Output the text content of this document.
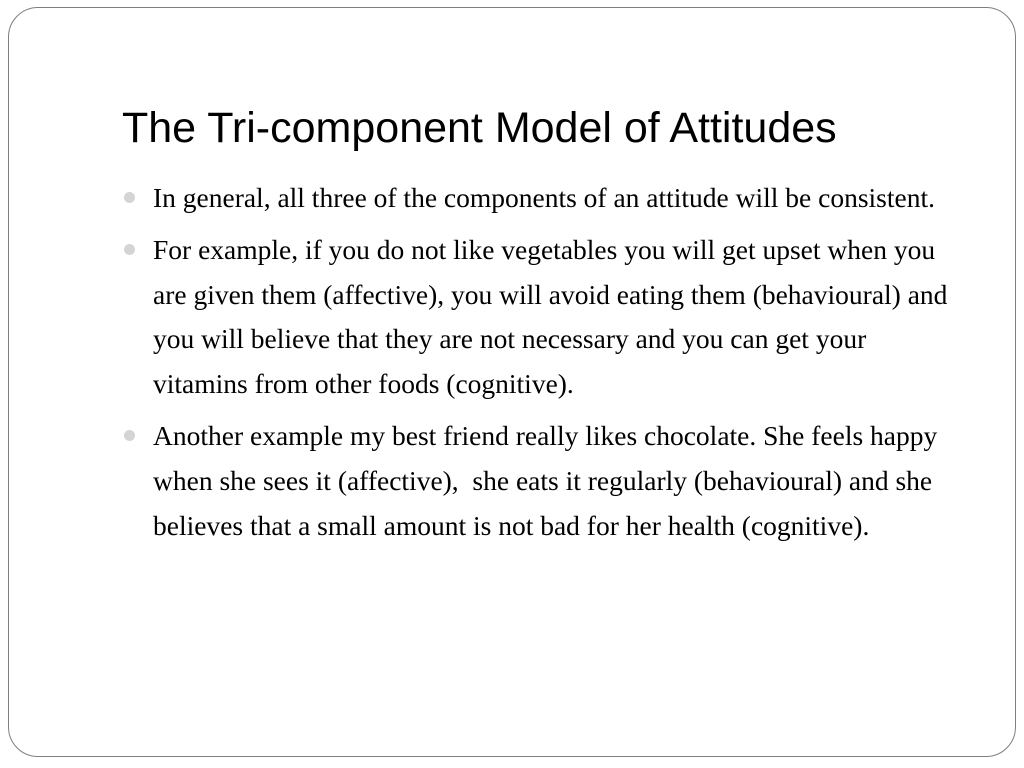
The Tri-component Model of Attitudes
In general, all three of the components of an attitude will be consistent.
For example, if you do not like vegetables you will get upset when you are given them (affective), you will avoid eating them (behavioural) and you will believe that they are not necessary and you can get your vitamins from other foods (cognitive).
Another example my best friend really likes chocolate. She feels happy when she sees it (affective),  she eats it regularly (behavioural) and she believes that a small amount is not bad for her health (cognitive).
